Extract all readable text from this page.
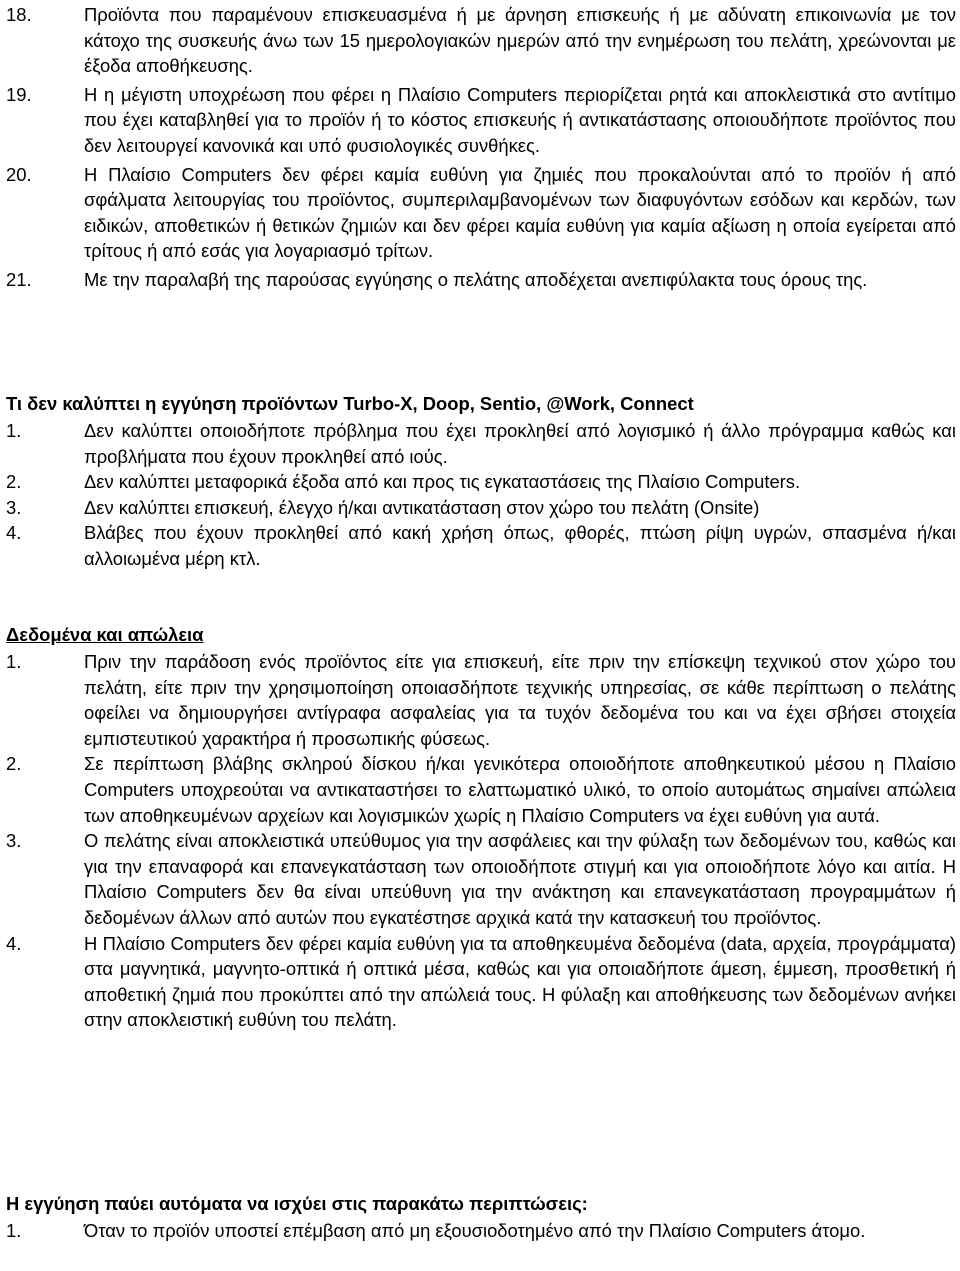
18.	Προϊόντα που παραμένουν επισκευασμένα ή με άρνηση επισκευής ή με αδύνατη επικοινωνία με τον κάτοχο της συσκευής άνω των 15 ημερολογιακών ημερών από την ενημέρωση του πελάτη, χρεώνονται με έξοδα αποθήκευσης.
19.	Η η μέγιστη υποχρέωση που φέρει η Πλαίσιο Computers περιορίζεται ρητά και αποκλειστικά στο αντίτιμο που έχει καταβληθεί για το προϊόν ή το κόστος επισκευής ή αντικατάστασης οποιουδήποτε προϊόντος που δεν λειτουργεί κανονικά και υπό φυσιολογικές συνθήκες.
20.	Η Πλαίσιο Computers δεν φέρει καμία ευθύνη για ζημιές που προκαλούνται από το προϊόν ή από σφάλματα λειτουργίας του προϊόντος, συμπεριλαμβανομένων των διαφυγόντων εσόδων και κερδών, των ειδικών, αποθετικών ή θετικών ζημιών και δεν φέρει καμία ευθύνη για καμία αξίωση η οποία εγείρεται από τρίτους ή από εσάς για λογαριασμό τρίτων.
21.	Με την παραλαβή της παρούσας εγγύησης ο πελάτης αποδέχεται ανεπιφύλακτα τους όρους της.
Τι δεν καλύπτει η εγγύηση προϊόντων Turbo-X, Doop, Sentio, @Work, Connect
1.	Δεν καλύπτει οποιοδήποτε πρόβλημα που έχει προκληθεί από λογισμικό ή άλλο πρόγραμμα καθώς και προβλήματα που έχουν προκληθεί από ιούς.
2.	Δεν καλύπτει μεταφορικά έξοδα από και προς τις εγκαταστάσεις της Πλαίσιο Computers.
3.	Δεν καλύπτει επισκευή, έλεγχο ή/και αντικατάσταση στον χώρο του πελάτη (Onsite)
4.	Βλάβες που έχουν προκληθεί από κακή χρήση όπως, φθορές, πτώση ρίψη υγρών, σπασμένα ή/και αλλοιωμένα μέρη κτλ.
Δεδομένα και απώλεια
1.	Πριν την παράδοση ενός προϊόντος είτε για επισκευή, είτε πριν την επίσκεψη τεχνικού στον χώρο του πελάτη, είτε πριν την χρησιμοποίηση οποιασδήποτε τεχνικής υπηρεσίας, σε κάθε περίπτωση ο πελάτης οφείλει να δημιουργήσει αντίγραφα ασφαλείας για τα τυχόν δεδομένα του και να έχει σβήσει στοιχεία εμπιστευτικού χαρακτήρα ή προσωπικής φύσεως.
2.	Σε περίπτωση βλάβης σκληρού δίσκου ή/και γενικότερα οποιοδήποτε αποθηκευτικού μέσου η Πλαίσιο Computers υποχρεούται να αντικαταστήσει το ελαττωματικό υλικό, το οποίο αυτομάτως σημαίνει απώλεια των αποθηκευμένων αρχείων και λογισμικών χωρίς η Πλαίσιο Computers να έχει ευθύνη για αυτά.
3.	Ο πελάτης είναι αποκλειστικά υπεύθυμος για την ασφάλειες και την φύλαξη των δεδομένων του, καθώς και για την επαναφορά και επανεγκατάσταση των οποιοδήποτε στιγμή και για οποιοδήποτε λόγο και αιτία. Η Πλαίσιο Computers δεν θα είναι υπεύθυνη για την ανάκτηση και επανεγκατάσταση προγραμμάτων ή δεδομένων άλλων από αυτών που εγκατέστησε αρχικά κατά την κατασκευή του προϊόντος.
4.	Η Πλαίσιο Computers δεν φέρει καμία ευθύνη για τα αποθηκευμένα δεδομένα (data, αρχεία, προγράμματα) στα μαγνητικά, μαγνητο-οπτικά ή οπτικά μέσα, καθώς και για οποιαδήποτε άμεση, έμμεση, προσθετική ή αποθετική ζημιά που προκύπτει από την απώλειά τους. Η φύλαξη και αποθήκευσης των δεδομένων ανήκει στην αποκλειστική ευθύνη του πελάτη.
Η εγγύηση παύει αυτόματα να ισχύει στις παρακάτω περιπτώσεις:
1.	Όταν το προϊόν υποστεί επέμβαση από μη εξουσιοδοτημένο από την Πλαίσιο Computers άτομο.
